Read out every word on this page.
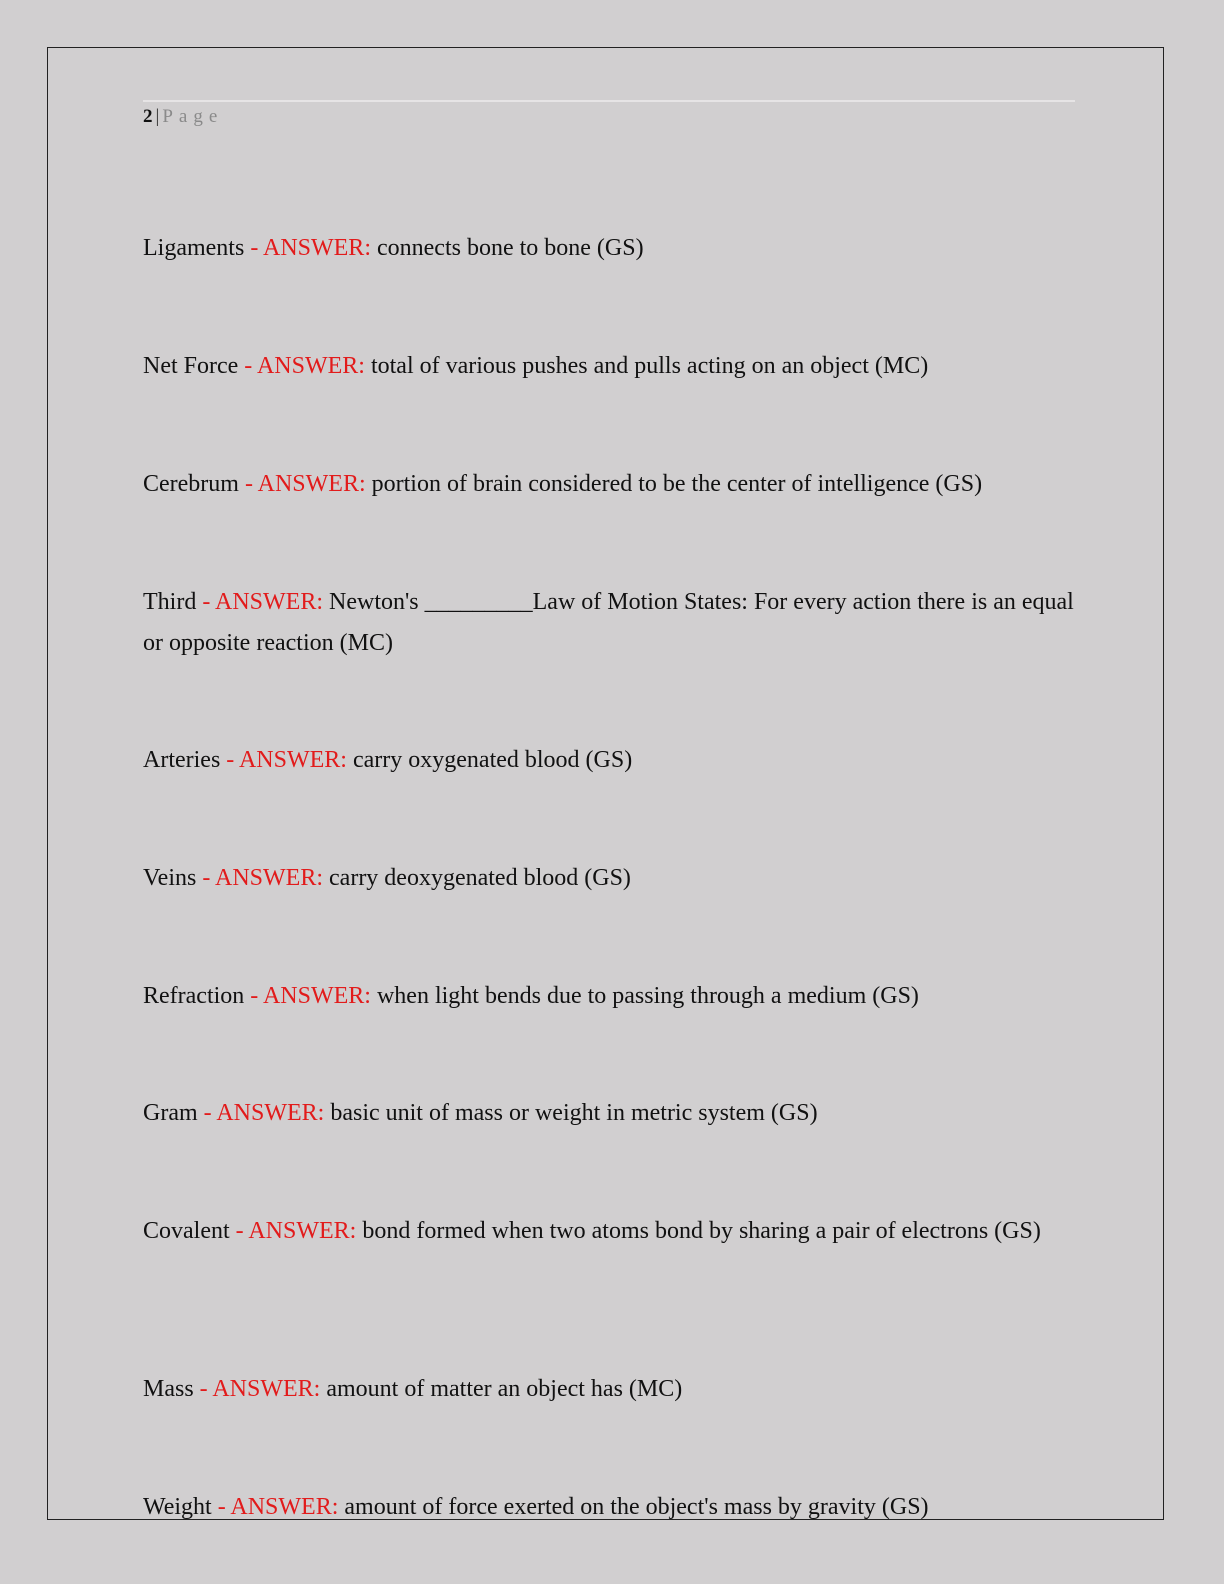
2 | Page
Ligaments - ANSWER: connects bone to bone (GS)
Net Force - ANSWER: total of various pushes and pulls acting on an object (MC)
Cerebrum - ANSWER: portion of brain considered to be the center of intelligence (GS)
Third - ANSWER: Newton's _________Law of Motion States: For every action there is an equal or opposite reaction (MC)
Arteries - ANSWER: carry oxygenated blood (GS)
Veins - ANSWER: carry deoxygenated blood (GS)
Refraction - ANSWER: when light bends due to passing through a medium (GS)
Gram - ANSWER: basic unit of mass or weight in metric system (GS)
Covalent - ANSWER: bond formed when two atoms bond by sharing a pair of electrons (GS)
Mass - ANSWER: amount of matter an object has (MC)
Weight - ANSWER: amount of force exerted on the object's mass by gravity (GS)
